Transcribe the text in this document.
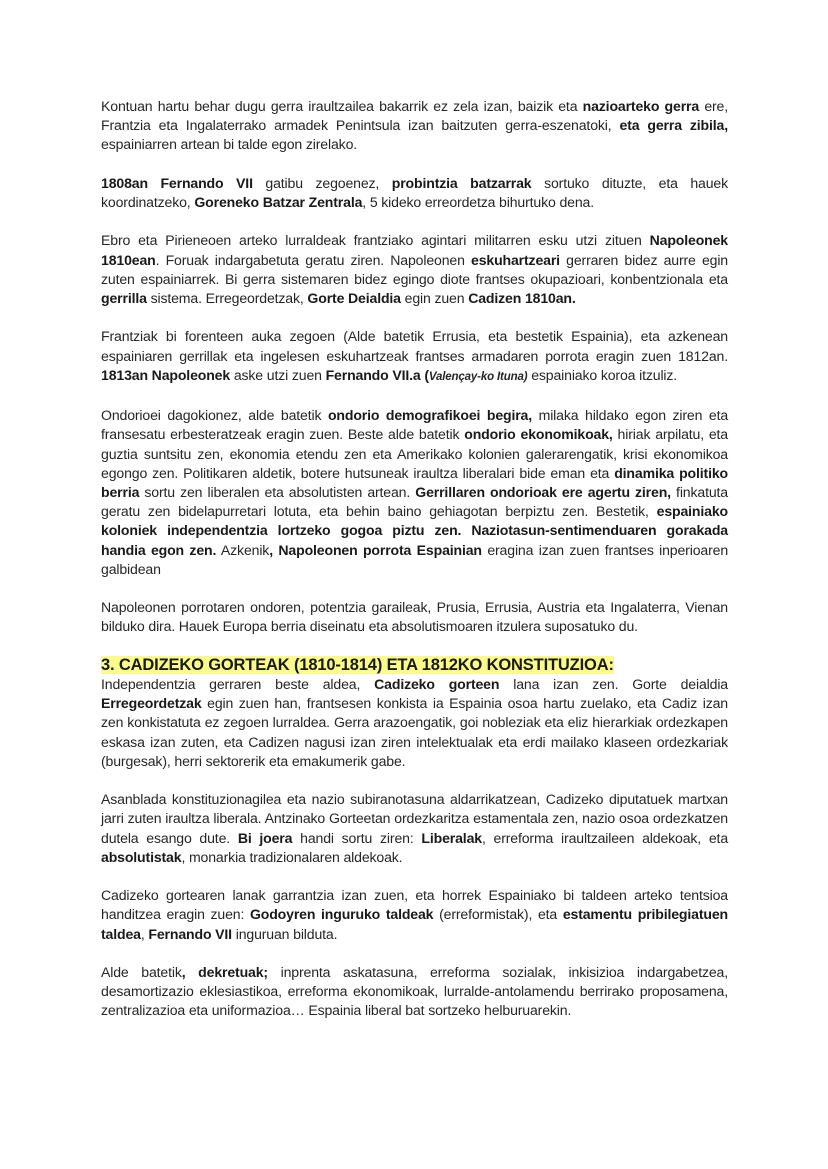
Kontuan hartu behar dugu gerra iraultzailea bakarrik ez zela izan, baizik eta nazioarteko gerra ere, Frantzia eta Ingalaterrako armadek Penintsula izan baitzuten gerra-eszenatoki, eta gerra zibila, espainiarren artean bi talde egon zirelako.

1808an Fernando VII gatibu zegoenez, probintzia batzarrak sortuko dituzte, eta hauek koordinatzeko, Goreneko Batzar Zentrala, 5 kideko erreordetza bihurtuko dena.

Ebro eta Pirieneoen arteko lurraldeak frantziako agintari militarren esku utzi zituen Napoleonek 1810ean. Foruak indargabetuta geratu ziren. Napoleonen eskuhartzeari gerraren bidez aurre egin zuten espainiarrek. Bi gerra sistemaren bidez egingo diote frantses okupazioari, konbentzionala eta gerrilla sistema. Erregeordetzak, Gorte Deialdia egin zuen Cadizen 1810an.

Frantziak bi forenteen auka zegoen (Alde batetik Errusia, eta bestetik Espainia), eta azkenean espainiaren gerrillak eta ingelesen eskuhartzeak frantses armadaren porrota eragin zuen 1812an. 1813an Napoleonek aske utzi zuen Fernando VII.a (Valençay-ko Ituna) espainiako koroa itzuliz.

Ondorioei dagokionez, alde batetik ondorio demografikoei begira, milaka hildako egon ziren eta fransesatu erbesteratzeak eragin zuen. Beste alde batetik ondorio ekonomikoak, hiriak arpilatu, eta guztia suntsitu zen, ekonomia etendu zen eta Amerikako kolonien galerarengatik, krisi ekonomikoa egongo zen. Politikaren aldetik, botere hutsuneak iraultza liberalari bide eman eta dinamika politiko berria sortu zen liberalen eta absolutisten artean. Gerrillaren ondorioak ere agertu ziren, finkatuta geratu zen bidelapurretari lotuta, eta behin baino gehiagotan berpiztu zen. Bestetik, espainiako koloniek independentzia lortzeko gogoa piztu zen. Naziotasun-sentimenduaren gorakada handia egon zen. Azkenik, Napoleonen porrota Espainian eragina izan zuen frantses inperioaren galbidean

Napoleonen porrotaren ondoren, potentzia garaileak, Prusia, Errusia, Austria eta Ingalaterra, Vienan bilduko dira. Hauek Europa berria diseinatu eta absolutismoaren itzulera suposatuko du.

3. CADIZEKO GORTEAK (1810-1814) ETA 1812KO KONSTITUZIOA:

Independentzia gerraren beste aldea, Cadizeko gorteen lana izan zen. Gorte deialdia Erregeordetzak egin zuen han, frantsesen konkista ia Espainia osoa hartu zuelako, eta Cadiz izan zen konkistatuta ez zegoen lurraldea. Gerra arazoengatik, goi nobleziak eta eliz hierarkiak ordezkapen eskasa izan zuten, eta Cadizen nagusi izan ziren intelektualak eta erdi mailako klaseen ordezkariak (burgesak), herri sektorerik eta emakumerik gabe.

Asanblada konstituzionagilea eta nazio subiranotasuna aldarrikatzean, Cadizeko diputatuek martxan jarri zuten iraultza liberala. Antzinako Gorteetan ordezkaritza estamentala zen, nazio osoa ordezkatzen dutela esango dute. Bi joera handi sortu ziren: Liberalak, erreforma iraultzaileen aldekoak, eta absolutistak, monarkia tradizionalaren aldekoak.

Cadizeko gortearen lanak garrantzia izan zuen, eta horrek Espainiako bi taldeen arteko tentsioa handitzea eragin zuen: Godoyren inguruko taldeak (erreformistak), eta estamentu pribilegiatuen taldea, Fernando VII inguruan bilduta.

Alde batetik, dekretuak; inprenta askatasuna, erreforma sozialak, inkisizioa indargabetzea, desamortizazio eklesiastikoa, erreforma ekonomikoak, lurralde-antolamendu berrirako proposamena, zentralizazioa eta uniformazioa… Espainia liberal bat sortzeko helburuarekin.
